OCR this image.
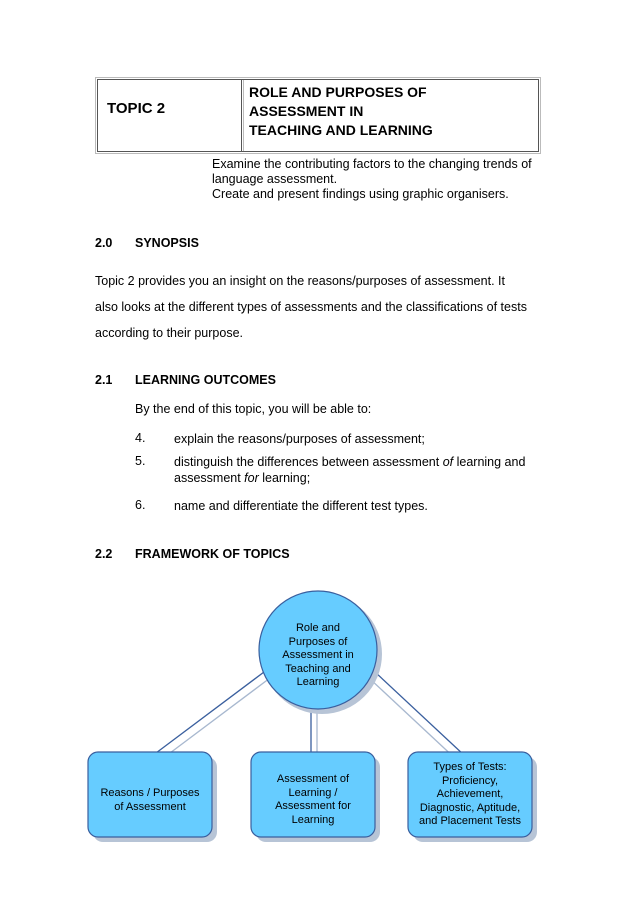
TOPIC 2
ROLE AND PURPOSES OF
ASSESSMENT IN
TEACHING AND LEARNING
Examine the contributing factors to the changing trends of
language assessment.
Create and present findings using graphic organisers.
2.0 SYNOPSIS
Topic 2 provides you an insight on the reasons/purposes of assessment. It
also looks at the different types of assessments and the classifications of tests
according to their purpose.
2.1 LEARNING OUTCOMES
By the end of this topic, you will be able to:
4. explain the reasons/purposes of assessment;
5. distinguish the differences between assessment of learning and
assessment for learning;
6. name and differentiate the different test types.
2.2 FRAMEWORK OF TOPICS
Role and
Purposes of
Assessment in
Teaching and
Learning
Reasons / Purposes
of Assessment
Assessment of
Learning /
Assessment for
Learning
Types of Tests:
Proficiency,
Achievement,
Diagnostic, Aptitude,
and Placement Tests
